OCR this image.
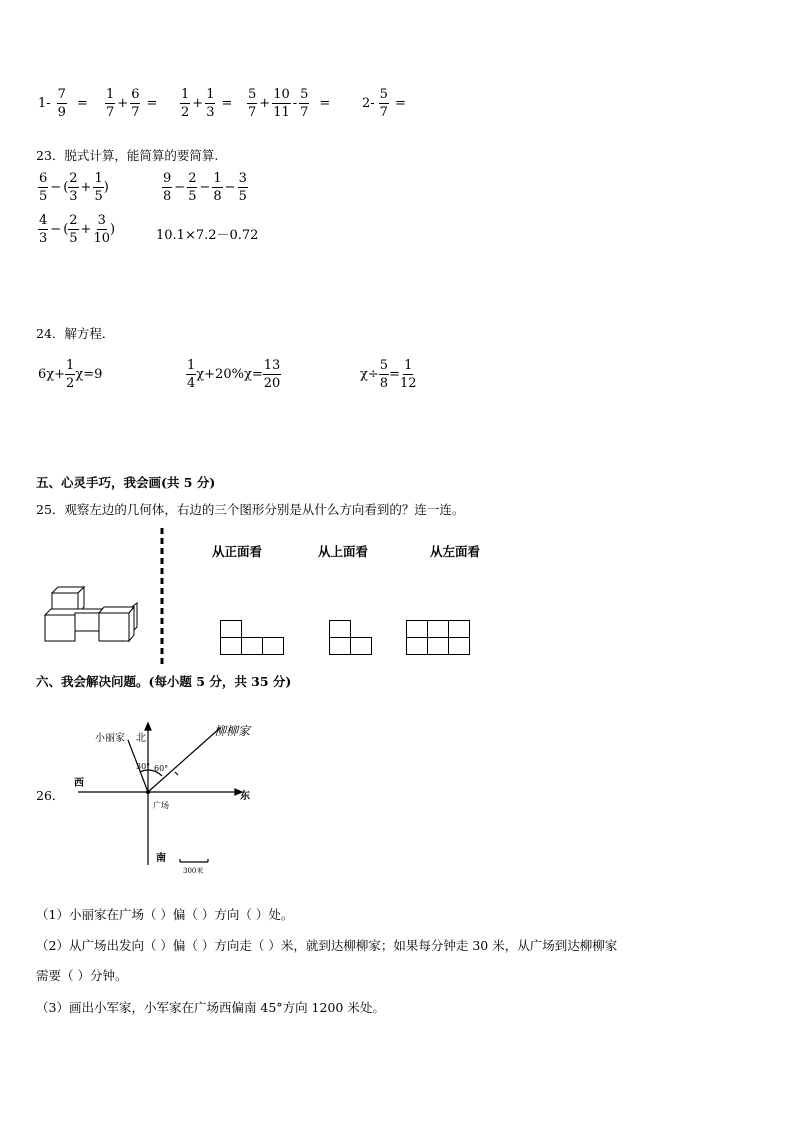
$1- \frac{7}{9} = \frac{1}{7} + \frac{6}{7} = \frac{1}{2} + \frac{1}{3} = \frac{5}{7} + \frac{10}{11} - \frac{5}{7} = 2- \frac{5}{7}$ =
23．脱式计算，能简算的要简算.
$\frac{6}{5}$ − ( $\frac{2}{3} + \frac{1}{5}$ )	$\frac{9}{8} - \frac{2}{5} - \frac{1}{8} - \frac{3}{5}$
$\frac{4}{3}$ − ( $\frac{2}{5} + \frac{3}{10}$ )	10.1×7.2－0.72
24．解方程．
$6\chi+ \frac{1}{2} \chi=9$	$\frac{1}{4} \chi+20\%\chi= \frac{13}{20}$	$\chi\div \frac{5}{8} = \frac{1}{12}$
五、心灵手巧，我会画(共 5 分)
25．观察左边的几何体，右边的三个图形分别是从什么方向看到的？连一连。
从正面看	从上面看	从左面看
六、我会解决问题。(每小题 5 分，共 35 分)
26．
小丽家 北
柳柳家
30° 60°
西
东
广场
南
300米
（1）小丽家在广场（ ）偏（ ）方向（ ）处。
（2）从广场出发向（ ）偏（ ）方向走（ ）米，就到达柳柳家；如果每分钟走 30 米，从广场到达柳柳家
需要（ ）分钟。
（3）画出小军家，小军家在广场西偏南 45°方向 1200 米处。
